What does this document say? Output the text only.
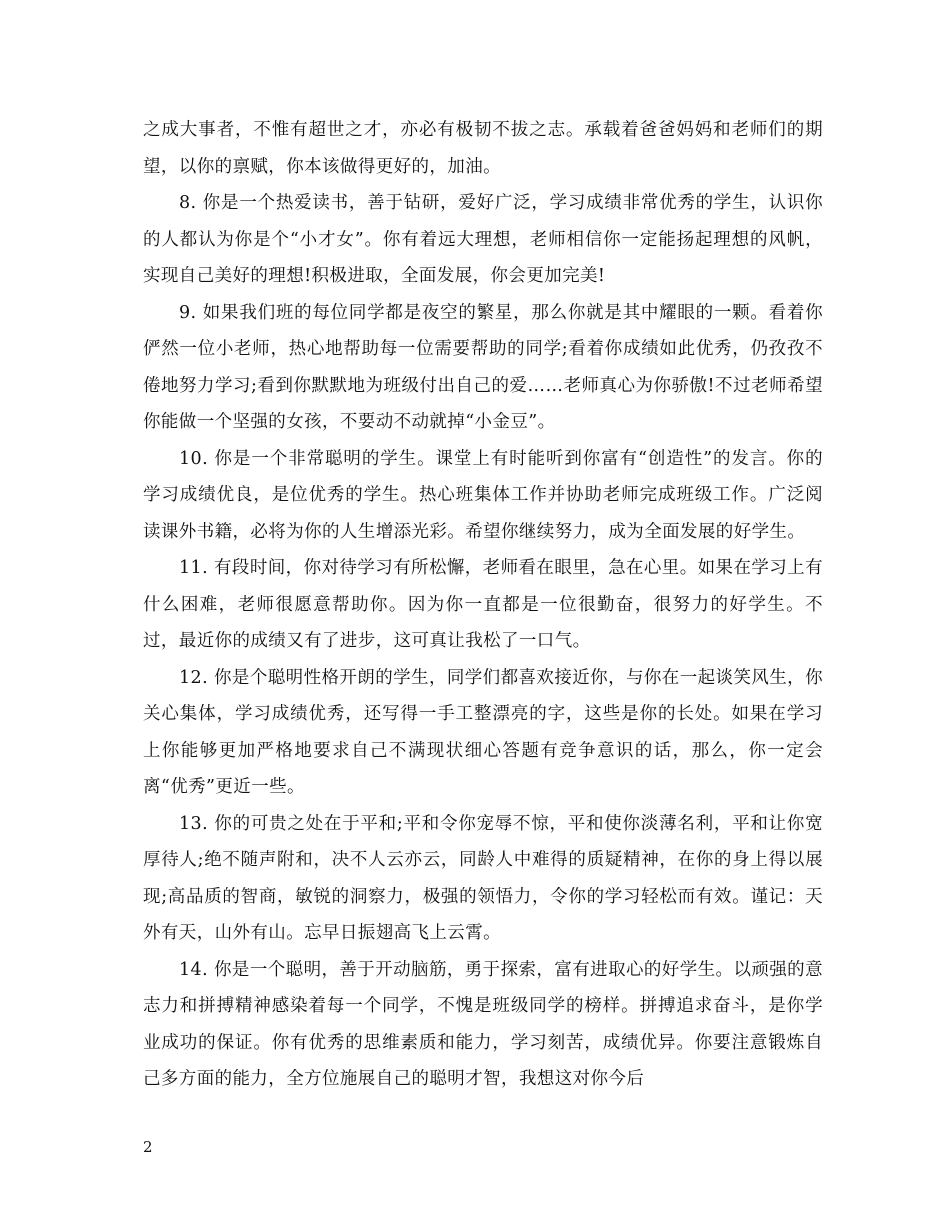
之成大事者，不惟有超世之才，亦必有极韧不拔之志。承载着爸爸妈妈和老师们的期望，以你的禀赋，你本该做得更好的，加油。

8. 你是一个热爱读书，善于钻研，爱好广泛，学习成绩非常优秀的学生，认识你的人都认为你是个“小才女”。你有着远大理想，老师相信你一定能扬起理想的风帆，实现自己美好的理想!积极进取，全面发展，你会更加完美!

9. 如果我们班的每位同学都是夜空的繁星，那么你就是其中耀眼的一颗。看着你俨然一位小老师，热心地帮助每一位需要帮助的同学;看着你成绩如此优秀，仍孜孜不倦地努力学习;看到你默默地为班级付出自己的爱……老师真心为你骄傲!不过老师希望你能做一个坚强的女孩，不要动不动就掉“小金豆”。

10. 你是一个非常聪明的学生。课堂上有时能听到你富有“创造性”的发言。你的学习成绩优良，是位优秀的学生。热心班集体工作并协助老师完成班级工作。广泛阅读课外书籍，必将为你的人生增添光彩。希望你继续努力，成为全面发展的好学生。

11. 有段时间，你对待学习有所松懈，老师看在眼里，急在心里。如果在学习上有什么困难，老师很愿意帮助你。因为你一直都是一位很勤奋，很努力的好学生。不过，最近你的成绩又有了进步，这可真让我松了一口气。

12. 你是个聪明性格开朗的学生，同学们都喜欢接近你，与你在一起谈笑风生，你关心集体，学习成绩优秀，还写得一手工整漂亮的字，这些是你的长处。如果在学习上你能够更加严格地要求自己不满现状细心答题有竞争意识的话，那么，你一定会离“优秀”更近一些。

13. 你的可贵之处在于平和;平和令你宠辱不惊，平和使你淡薄名利，平和让你宽厚待人;绝不随声附和，决不人云亦云，同龄人中难得的质疑精神，在你的身上得以展现;高品质的智商，敏锐的洞察力，极强的领悟力，令你的学习轻松而有效。谨记：天外有天，山外有山。忘早日振翅高飞上云霄。

14. 你是一个聪明，善于开动脑筋，勇于探索，富有进取心的好学生。以顽强的意志力和拼搏精神感染着每一个同学，不愧是班级同学的榜样。拼搏追求奋斗，是你学业成功的保证。你有优秀的思维素质和能力，学习刻苦，成绩优异。你要注意锻炼自己多方面的能力，全方位施展自己的聪明才智，我想这对你今后

2
